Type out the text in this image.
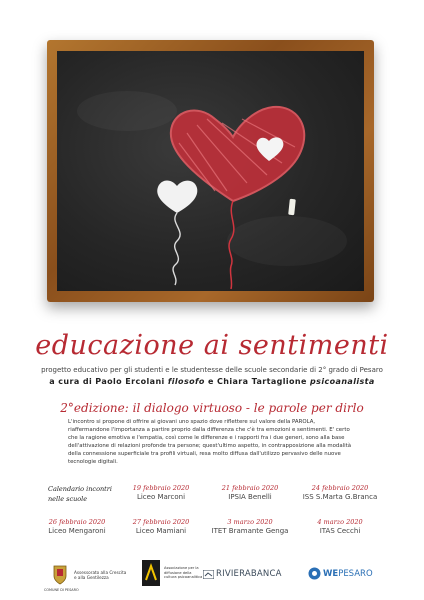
educazione ai sentimenti
progetto educativo per gli studenti e le studentesse delle scuole secondarie di 2° grado di Pesaro
a cura di Paolo Ercolani filosofo e Chiara Tartaglione psicoanalista
2°edizione: il dialogo virtuoso - le parole per dirlo
L'incontro si propone di offrire ai giovani uno spazio dove riflettere sul valore della PAROLA, riaffermandone l'importanza a partire proprio dalla differenza che c'è tra emozioni e sentimenti. E' certo che la ragione emotiva e l'empatia, così come le differenze e i rapporti fra i due generi, sono alla base dell'attivazione di relazioni profonde tra persone; quest'ultimo aspetto, in contrapposizione alla modalità della connessione superficiale tra profili virtuali, resa molto diffusa dall'utilizzo pervasivo delle nuove tecnologie digitali.
Calendario incontri
nelle scuole
19 febbraio 2020
Liceo Marconi
21 febbraio 2020
IPSIA Benelli
24 febbraio 2020
ISS S.Marta G.Branca
26 febbraio 2020
Liceo Mengaroni
27 febbraio 2020
Liceo Mamiani
3 marzo 2020
ITET Bramante Genga
4 marzo 2020
ITAS Cecchi
Assessorato alla Crescita
e alla Gentilezza
COMUNE DI PESARO
Associazione per la diffusione della cultura psicoanalitica RIVIERABANCA	WE PESARO
